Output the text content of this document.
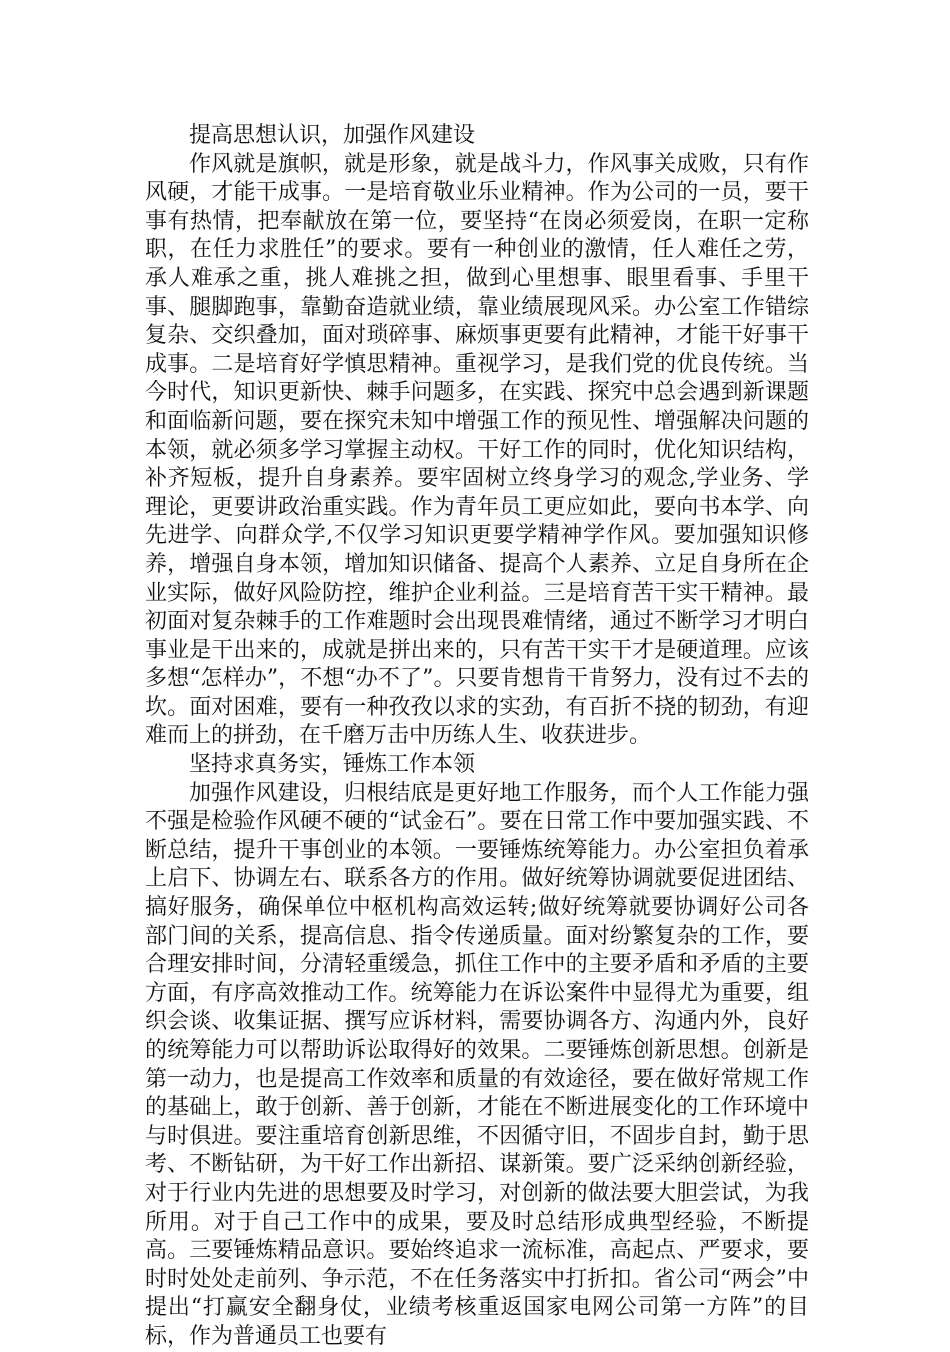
提高思想认识，加强作风建设

作风就是旗帜，就是形象，就是战斗力，作风事关成败，只有作风硬，才能干成事。一是培育敬业乐业精神。作为公司的一员，要干事有热情，把奉献放在第一位，要坚持“在岗必须爱岗，在职一定称职，在任力求胜任”的要求。要有一种创业的激情，任人难任之劳，承人难承之重，挑人难挑之担，做到心里想事、眼里看事、手里干事、腿脚跑事，靠勤奋造就业绩，靠业绩展现风采。办公室工作错综复杂、交织叠加，面对琐碎事、麻烦事更要有此精神，才能干好事干成事。二是培育好学慎思精神。重视学习，是我们党的优良传统。当今时代，知识更新快、棘手问题多，在实践、探究中总会遇到新课题和面临新问题，要在探究未知中增强工作的预见性、增强解决问题的本领，就必须多学习掌握主动权。干好工作的同时，优化知识结构，补齐短板，提升自身素养。要牢固树立终身学习的观念,学业务、学理论，更要讲政治重实践。作为青年员工更应如此，要向书本学、向先进学、向群众学,不仅学习知识更要学精神学作风。要加强知识修养，增强自身本领，增加知识储备、提高个人素养、立足自身所在企业实际，做好风险防控，维护企业利益。三是培育苦干实干精神。最初面对复杂棘手的工作难题时会出现畏难情绪，通过不断学习才明白事业是干出来的，成就是拼出来的，只有苦干实干才是硬道理。应该多想“怎样办”，不想“办不了”。只要肯想肯干肯努力，没有过不去的坎。面对困难，要有一种孜孜以求的实劲，有百折不挠的韧劲，有迎难而上的拼劲，在千磨万击中历练人生、收获进步。

坚持求真务实，锤炼工作本领

加强作风建设，归根结底是更好地工作服务，而个人工作能力强不强是检验作风硬不硬的“试金石”。要在日常工作中要加强实践、不断总结，提升干事创业的本领。一要锤炼统筹能力。办公室担负着承上启下、协调左右、联系各方的作用。做好统筹协调就要促进团结、搞好服务，确保单位中枢机构高效运转;做好统筹就要协调好公司各部门间的关系，提高信息、指令传递质量。面对纷繁复杂的工作，要合理安排时间，分清轻重缓急，抓住工作中的主要矛盾和矛盾的主要方面，有序高效推动工作。统筹能力在诉讼案件中显得尤为重要，组织会谈、收集证据、撰写应诉材料，需要协调各方、沟通内外，良好的统筹能力可以帮助诉讼取得好的效果。二要锤炼创新思想。创新是第一动力，也是提高工作效率和质量的有效途径，要在做好常规工作的基础上，敢于创新、善于创新，才能在不断进展变化的工作环境中与时俱进。要注重培育创新思维，不因循守旧，不固步自封，勤于思考、不断钻研，为干好工作出新招、谋新策。要广泛采纳创新经验，对于行业内先进的思想要及时学习，对创新的做法要大胆尝试，为我所用。对于自己工作中的成果，要及时总结形成典型经验，不断提高。三要锤炼精品意识。要始终追求一流标准，高起点、严要求，要时时处处走前列、争示范，不在任务落实中打折扣。省公司“两会”中提出“打赢安全翻身仗，业绩考核重返国家电网公司第一方阵”的目标，作为普通员工也要有
